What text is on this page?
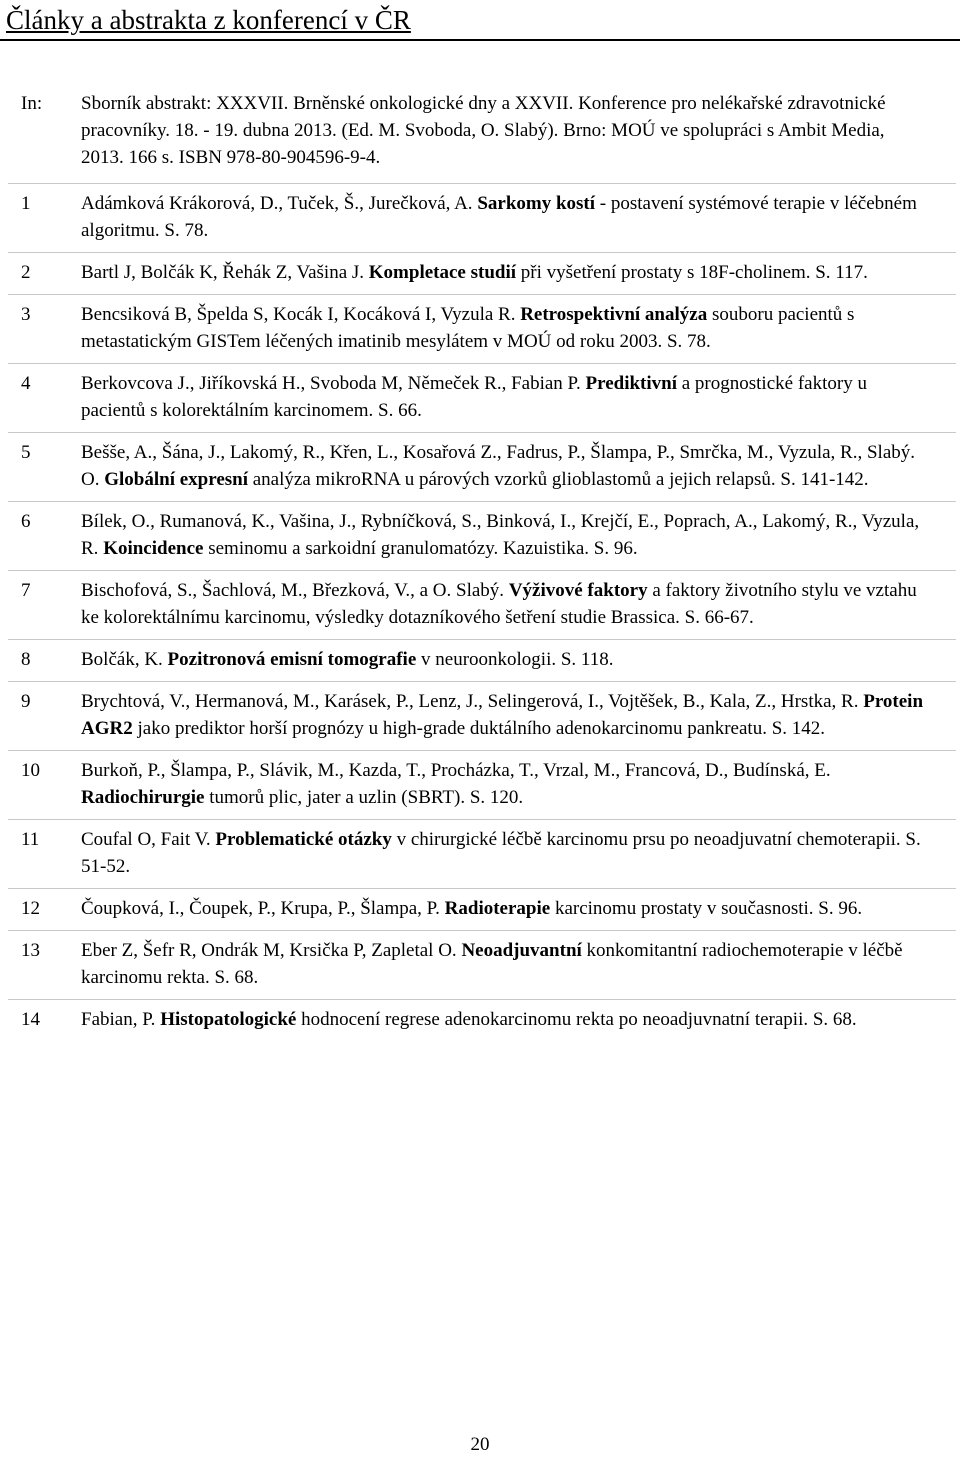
Články a abstrakta z konferencí v ČR
In:	Sborník abstrakt: XXXVII. Brněnské onkologické dny a XXVII. Konference pro nelékařské zdravotnické pracovníky. 18. - 19. dubna 2013. (Ed. M. Svoboda, O. Slabý). Brno: MOÚ ve spolupráci s Ambit Media, 2013. 166 s. ISBN 978-80-904596-9-4.
1	Adámková Krákorová, D., Tuček, Š., Jurečková, A. Sarkomy kostí - postavení systémové terapie v léčebném algoritmu. S. 78.
2	Bartl J, Bolčák K, Řehák Z, Vašina J. Kompletace studií při vyšetření prostaty s 18F-cholinem. S. 117.
3	Bencsiková B, Špelda S, Kocák I, Kocáková I, Vyzula R. Retrospektivní analýza souboru pacientů s metastatickým GISTem léčených imatinib mesylátem v MOÚ od roku 2003. S. 78.
4	Berkovcova J., Jiříkovská H., Svoboda M, Němeček R., Fabian P. Prediktivní a prognostické faktory u pacientů s kolorektálním karcinomem. S. 66.
5	Bešše, A., Šána, J., Lakomý, R., Křen, L., Kosařová Z., Fadrus, P., Šlampa, P., Smrčka, M., Vyzula, R., Slabý. O. Globální expresní analýza mikroRNA u párových vzorků glioblastomů a jejich relapsů. S. 141-142.
6	Bílek, O., Rumanová, K., Vašina, J., Rybníčková, S., Binková, I., Krejčí, E., Poprach, A., Lakomý, R., Vyzula, R. Koincidence seminomu a sarkoidní granulomatózy. Kazuistika. S. 96.
7	Bischofová, S., Šachlová, M., Březková, V., a O. Slabý. Výživové faktory a faktory životního stylu ve vztahu ke kolorektálnímu karcinomu, výsledky dotazníkového šetření studie Brassica. S. 66-67.
8	Bolčák, K. Pozitronová emisní tomografie v neuroonkologii. S. 118.
9	Brychtová, V., Hermanová, M., Karásek, P., Lenz, J., Selingerová, I., Vojtěšek, B., Kala, Z., Hrstka, R. Protein AGR2 jako prediktor horší prognózy u high-grade duktálního adenokarcinomu pankreatu. S. 142.
10	Burkoň, P., Šlampa, P., Slávik, M., Kazda, T., Procházka, T., Vrzal, M., Francová, D., Budínská, E. Radiochirurgie tumorů plic, jater a uzlin (SBRT). S. 120.
11	Coufal O, Fait V. Problematické otázky v chirurgické léčbě karcinomu prsu po neoadjuvatní chemoterapii. S. 51-52.
12	Čoupková, I., Čoupek, P., Krupa, P., Šlampa, P. Radioterapie karcinomu prostaty v současnosti. S. 96.
13	Eber Z, Šefr R, Ondrák M, Krsička P, Zapletal O. Neoadjuvantní konkomitantní radiochemoterapie v léčbě karcinomu rekta. S. 68.
14	Fabian, P. Histopatologické hodnocení regrese adenokarcinomu rekta po neoadjuvnatní terapii. S. 68.
20
